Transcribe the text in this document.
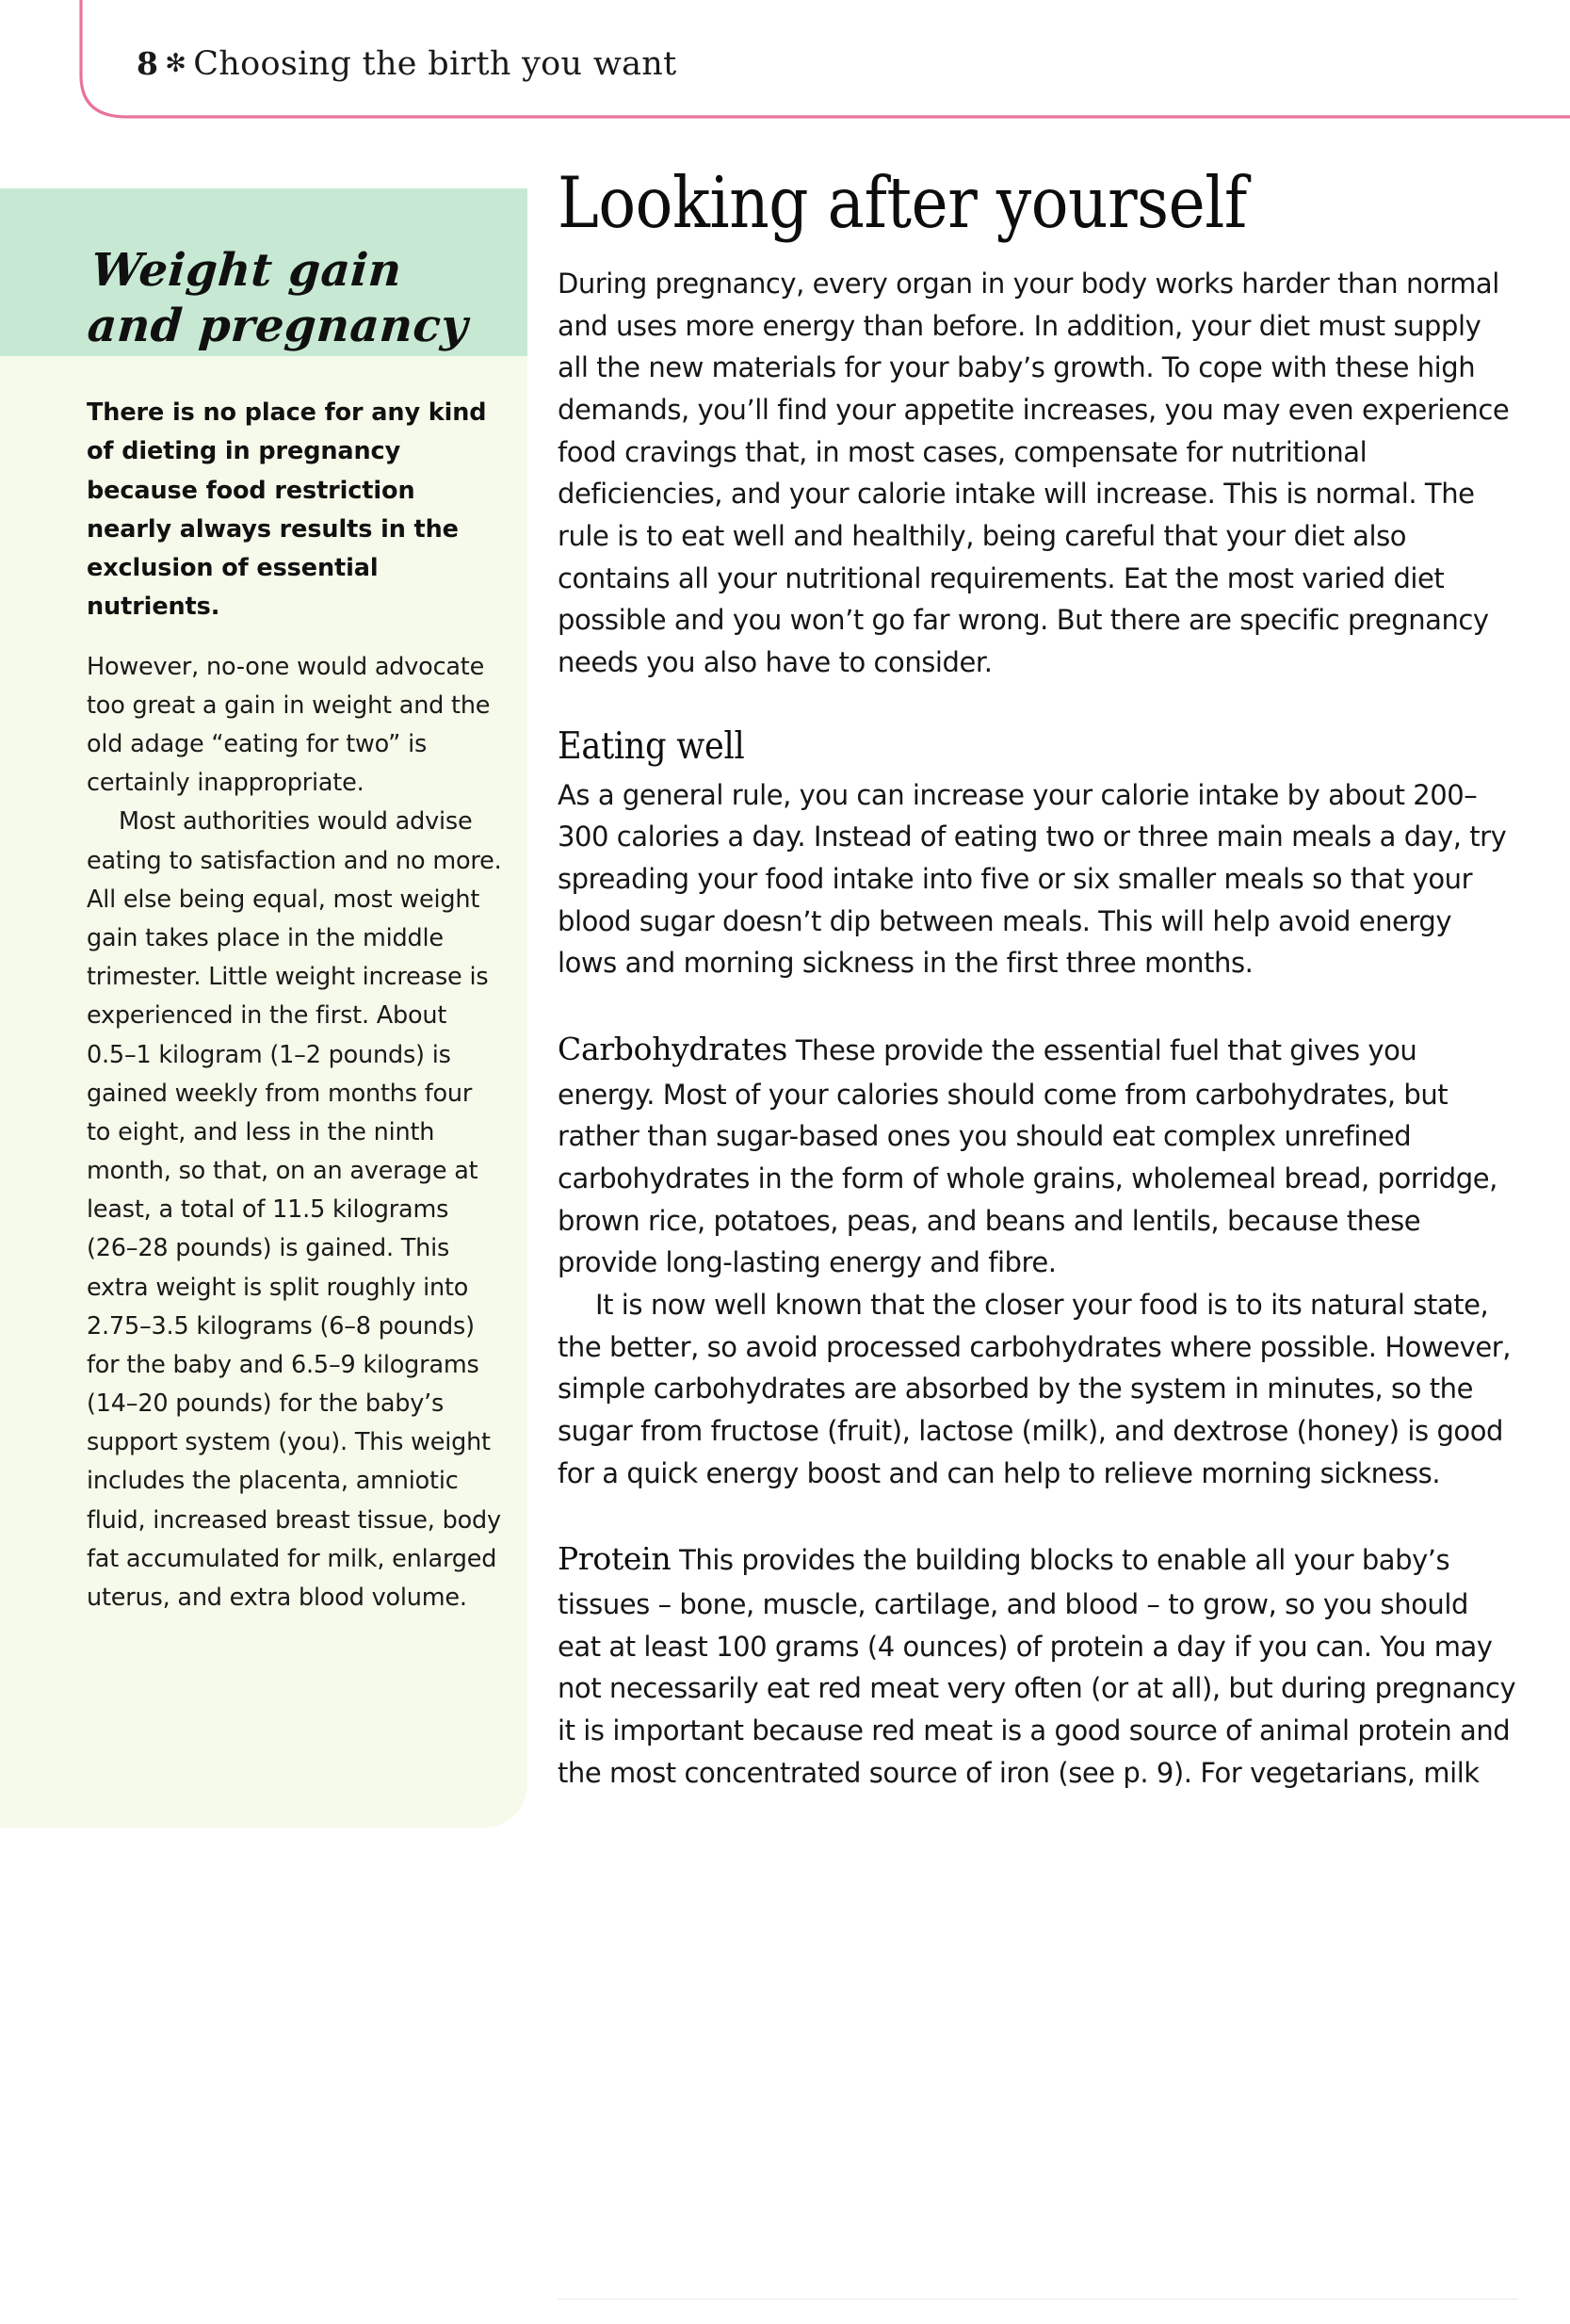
8 ✻ Choosing the birth you want
Weight gain
and pregnancy

There is no place for any kind of dieting in pregnancy because food restriction nearly always results in the exclusion of essential nutrients.

However, no-one would advocate too great a gain in weight and the old adage “eating for two” is certainly inappropriate.

Most authorities would advise eating to satisfaction and no more. All else being equal, most weight gain takes place in the middle trimester. Little weight increase is experienced in the first. About 0.5–1 kilogram (1–2 pounds) is gained weekly from months four to eight, and less in the ninth month, so that, on an average at least, a total of 11.5 kilograms (26–28 pounds) is gained. This extra weight is split roughly into 2.75–3.5 kilograms (6–8 pounds) for the baby and 6.5–9 kilograms (14–20 pounds) for the baby’s support system (you). This weight includes the placenta, amniotic fluid, increased breast tissue, body fat accumulated for milk, enlarged uterus, and extra blood volume.

Looking after yourself

During pregnancy, every organ in your body works harder than normal and uses more energy than before. In addition, your diet must supply all the new materials for your baby’s growth. To cope with these high demands, you’ll find your appetite increases, you may even experience food cravings that, in most cases, compensate for nutritional deficiencies, and your calorie intake will increase. This is normal. The rule is to eat well and healthily, being careful that your diet also contains all your nutritional requirements. Eat the most varied diet possible and you won’t go far wrong. But there are specific pregnancy needs you also have to consider.

Eating well

As a general rule, you can increase your calorie intake by about 200–300 calories a day. Instead of eating two or three main meals a day, try spreading your food intake into five or six smaller meals so that your blood sugar doesn’t dip between meals. This will help avoid energy lows and morning sickness in the first three months.

Carbohydrates These provide the essential fuel that gives you energy. Most of your calories should come from carbohydrates, but rather than sugar-based ones you should eat complex unrefined carbohydrates in the form of whole grains, wholemeal bread, porridge, brown rice, potatoes, peas, and beans and lentils, because these provide long-lasting energy and fibre.

It is now well known that the closer your food is to its natural state, the better, so avoid processed carbohydrates where possible. However, simple carbohydrates are absorbed by the system in minutes, so the sugar from fructose (fruit), lactose (milk), and dextrose (honey) is good for a quick energy boost and can help to relieve morning sickness.

Protein This provides the building blocks to enable all your baby’s tissues – bone, muscle, cartilage, and blood – to grow, so you should eat at least 100 grams (4 ounces) of protein a day if you can. You may not necessarily eat red meat very often (or at all), but during pregnancy it is important because red meat is a good source of animal protein and the most concentrated source of iron (see p. 9). For vegetarians, milk
